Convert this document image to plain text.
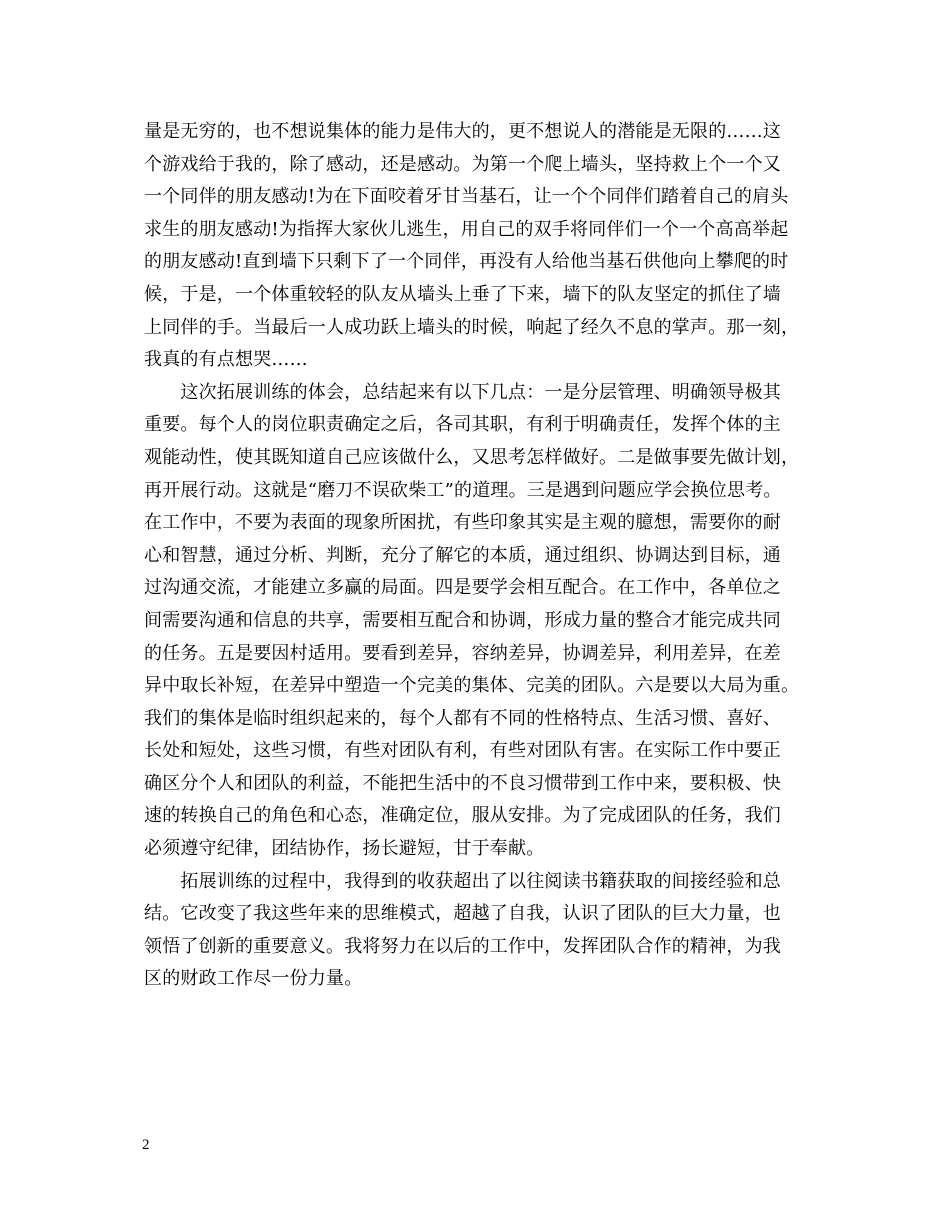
量是无穷的，也不想说集体的能力是伟大的，更不想说人的潜能是无限的……这
个游戏给于我的，除了感动，还是感动。为第一个爬上墙头，坚持救上个一个又
一个同伴的朋友感动!为在下面咬着牙甘当基石，让一个个同伴们踏着自己的肩头
求生的朋友感动!为指挥大家伙儿逃生，用自己的双手将同伴们一个一个高高举起
的朋友感动!直到墙下只剩下了一个同伴，再没有人给他当基石供他向上攀爬的时
候，于是，一个体重较轻的队友从墙头上垂了下来，墙下的队友坚定的抓住了墙
上同伴的手。当最后一人成功跃上墙头的时候，响起了经久不息的掌声。那一刻，
我真的有点想哭……
　　这次拓展训练的体会，总结起来有以下几点：一是分层管理、明确领导极其
重要。每个人的岗位职责确定之后，各司其职，有利于明确责任，发挥个体的主
观能动性，使其既知道自己应该做什么，又思考怎样做好。二是做事要先做计划，
再开展行动。这就是“磨刀不误砍柴工”的道理。三是遇到问题应学会换位思考。
在工作中，不要为表面的现象所困扰，有些印象其实是主观的臆想，需要你的耐
心和智慧，通过分析、判断，充分了解它的本质，通过组织、协调达到目标，通
过沟通交流，才能建立多赢的局面。四是要学会相互配合。在工作中，各单位之
间需要沟通和信息的共享，需要相互配合和协调，形成力量的整合才能完成共同
的任务。五是要因村适用。要看到差异，容纳差异，协调差异，利用差异，在差
异中取长补短，在差异中塑造一个完美的集体、完美的团队。六是要以大局为重。
我们的集体是临时组织起来的，每个人都有不同的性格特点、生活习惯、喜好、
长处和短处，这些习惯，有些对团队有利，有些对团队有害。在实际工作中要正
确区分个人和团队的利益，不能把生活中的不良习惯带到工作中来，要积极、快
速的转换自己的角色和心态，准确定位，服从安排。为了完成团队的任务，我们
必须遵守纪律，团结协作，扬长避短，甘于奉献。
　　拓展训练的过程中，我得到的收获超出了以往阅读书籍获取的间接经验和总
结。它改变了我这些年来的思维模式，超越了自我，认识了团队的巨大力量，也
领悟了创新的重要意义。我将努力在以后的工作中，发挥团队合作的精神，为我
区的财政工作尽一份力量。
2
